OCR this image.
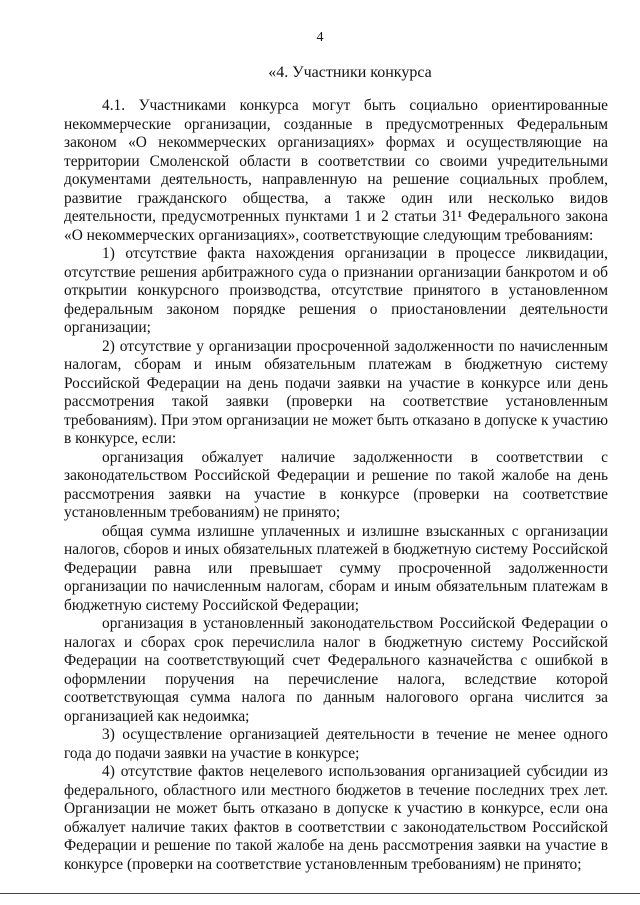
4
«4. Участники конкурса

4.1. Участниками конкурса могут быть социально ориентированные некоммерческие организации, созданные в предусмотренных Федеральным законом «О некоммерческих организациях» формах и осуществляющие на территории Смоленской области в соответствии со своими учредительными документами деятельность, направленную на решение социальных проблем, развитие гражданского общества, а также один или несколько видов деятельности, предусмотренных пунктами 1 и 2 статьи 31¹ Федерального закона «О некоммерческих организациях», соответствующие следующим требованиям:

1) отсутствие факта нахождения организации в процессе ликвидации, отсутствие решения арбитражного суда о признании организации банкротом и об открытии конкурсного производства, отсутствие принятого в установленном федеральным законом порядке решения о приостановлении деятельности организации;

2) отсутствие у организации просроченной задолженности по начисленным налогам, сборам и иным обязательным платежам в бюджетную систему Российской Федерации на день подачи заявки на участие в конкурсе или день рассмотрения такой заявки (проверки на соответствие установленным требованиям). При этом организации не может быть отказано в допуске к участию в конкурсе, если:

организация обжалует наличие задолженности в соответствии с законодательством Российской Федерации и решение по такой жалобе на день рассмотрения заявки на участие в конкурсе (проверки на соответствие установленным требованиям) не принято;

общая сумма излишне уплаченных и излишне взысканных с организации налогов, сборов и иных обязательных платежей в бюджетную систему Российской Федерации равна или превышает сумму просроченной задолженности организации по начисленным налогам, сборам и иным обязательным платежам в бюджетную систему Российской Федерации;

организация в установленный законодательством Российской Федерации о налогах и сборах срок перечислила налог в бюджетную систему Российской Федерации на соответствующий счет Федерального казначейства с ошибкой в оформлении поручения на перечисление налога, вследствие которой соответствующая сумма налога по данным налогового органа числится за организацией как недоимка;

3) осуществление организацией деятельности в течение не менее одного года до подачи заявки на участие в конкурсе;

4) отсутствие фактов нецелевого использования организацией субсидии из федерального, областного или местного бюджетов в течение последних трех лет. Организации не может быть отказано в допуске к участию в конкурсе, если она обжалует наличие таких фактов в соответствии с законодательством Российской Федерации и решение по такой жалобе на день рассмотрения заявки на участие в конкурсе (проверки на соответствие установленным требованиям) не принято;
